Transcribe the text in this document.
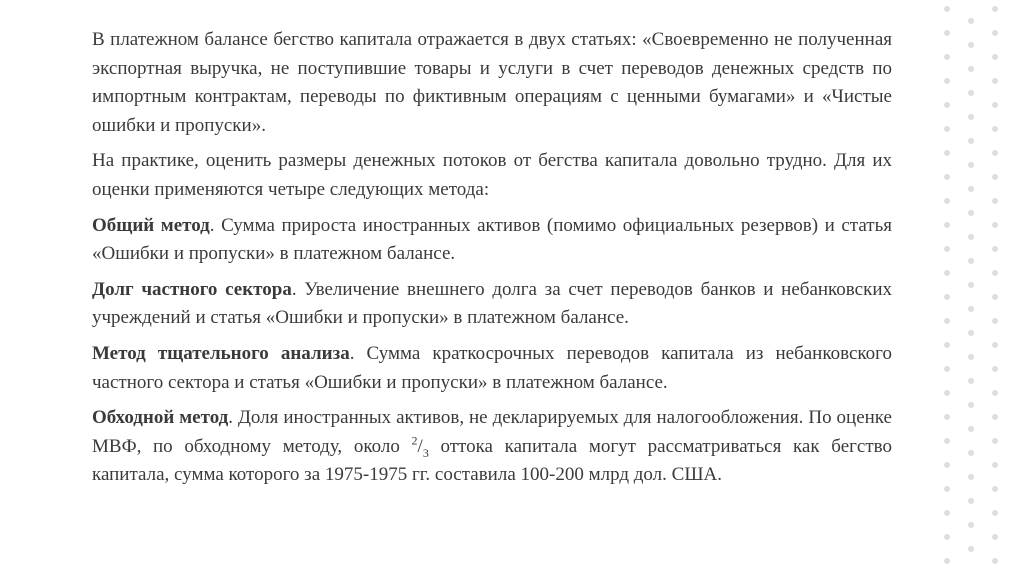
В платежном балансе бегство капитала отражается в двух статьях: «Своевременно не полученная экспортная выручка, не поступившие товары и услуги в счет переводов денежных средств по импортным контрактам, переводы по фиктивным операциям с ценными бумагами» и «Чистые ошибки и пропуски».

На практике, оценить размеры денежных потоков от бегства капитала довольно трудно. Для их оценки применяются четыре следующих метода:

Общий метод. Сумма прироста иностранных активов (помимо официальных резервов) и статья «Ошибки и пропуски» в платежном балансе.

Долг частного сектора. Увеличение внешнего долга за счет переводов банков и небанковских учреждений и статья «Ошибки и пропуски» в платежном балансе.

Метод тщательного анализа. Сумма краткосрочных переводов капитала из небанковского частного сектора и статья «Ошибки и пропуски» в платежном балансе.

Обходной метод. Доля иностранных активов, не декларируемых для налогообложения. По оценке МВФ, по обходному методу, около $^2/_3$ оттока капитала могут рассматриваться как бегство капитала, сумма которого за 1975-1975 гг. составила 100-200 млрд дол. США.
